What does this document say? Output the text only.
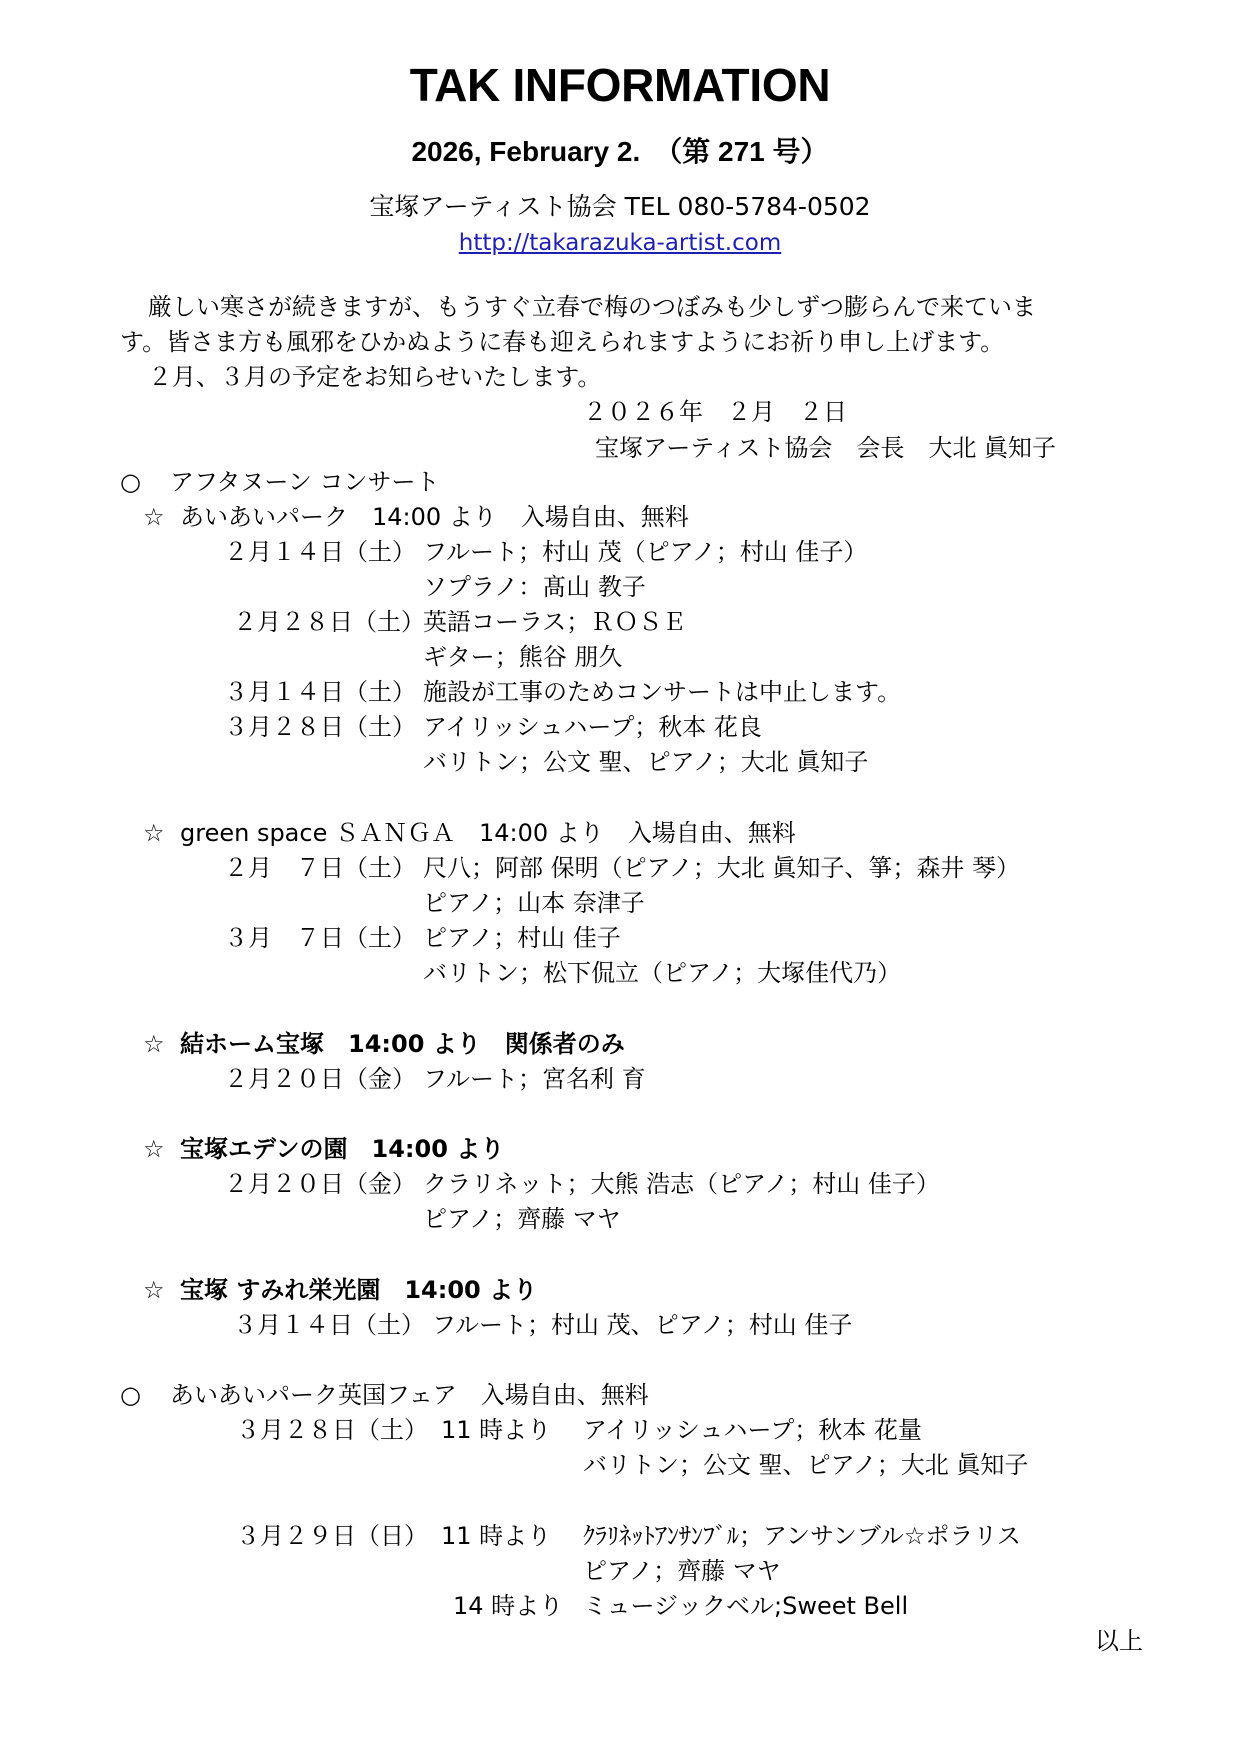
TAK INFORMATION
2026, February 2.　（第 271 号）
宝塚アーティスト協会 TEL 080-5784-0502
http://takarazuka-artist.com
厳しい寒さが続きますが、もうすぐ立春で梅のつぼみも少しずつ膨らんで来ていま
す。皆さま方も風邪をひかぬように春も迎えられますようにお祈り申し上げます。
２月、３月の予定をお知らせいたします。
２０２６年　２月　２日
宝塚アーティスト協会　会長　大北 眞知子
○ アフタヌーン コンサート
☆ あいあいパーク　14:00 より　入場自由、無料
２月１４日（土） フルート；村山 茂（ピアノ；村山 佳子）
ソプラノ：髙山 教子
２月２８日（土）
英語コーラス；ＲＯＳＥ
ギター；熊谷 朋久
３月１４日（土） 施設が工事のためコンサートは中止します。
３月２８日（土） アイリッシュハープ；秋本 花良
バリトン；公文 聖、ピアノ；大北 眞知子
☆ green space ＳＡＮＧＡ　14:00 より　入場自由、無料
２月　７日（土） 尺八；阿部 保明（ピアノ；大北 眞知子、箏；森井 琴）
ピアノ；山本 奈津子
３月　７日（土） ピアノ；村山 佳子
バリトン；松下侃立（ピアノ；大塚佳代乃）
☆ 結ホーム宝塚　14:00 より　関係者のみ
２月２０日（金） フルート；宮名利 育
☆ 宝塚エデンの園　14:00 より
２月２０日（金） クラリネット；大熊 浩志（ピアノ；村山 佳子）
ピアノ；齊藤 マヤ
☆ 宝塚 すみれ栄光園　14:00 より
３月１４日（土） フルート；村山 茂、ピアノ；村山 佳子
○ あいあいパーク英国フェア　入場自由、無料
３月２８日（土） 11 時より アイリッシュハープ；秋本 花量
バリトン；公文 聖、ピアノ；大北 眞知子
３月２９日（日） 11 時より ｸﾗﾘﾈｯﾄｱﾝｻﾝﾌﾞﾙ；アンサンブル☆ポラリス
ピアノ；齊藤 マヤ
14 時より ミュージックベル;Sweet Bell
以上
